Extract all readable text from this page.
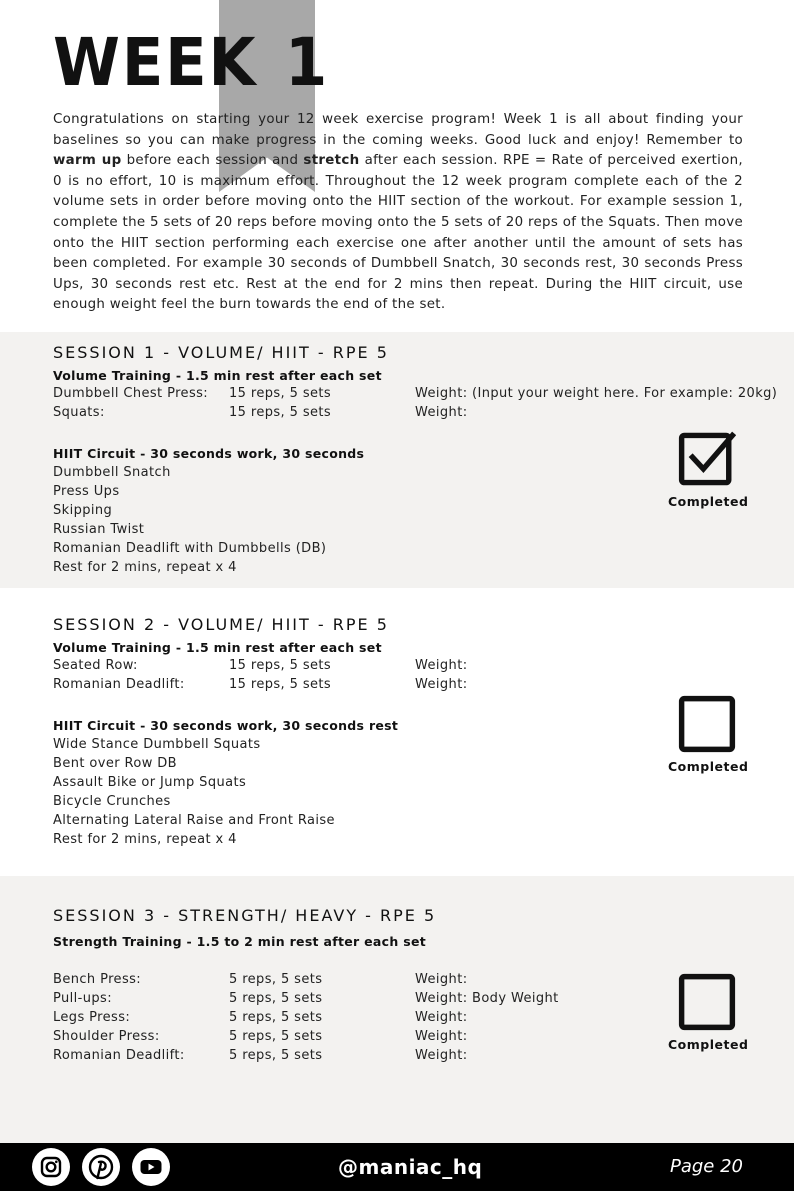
WEEK 1

Congratulations on starting your 12 week exercise program! Week 1 is all about finding your baselines so you can make progress in the coming weeks. Good luck and enjoy! Remember to warm up before each session and stretch after each session. RPE = Rate of perceived exertion, 0 is no effort, 10 is maximum effort. Throughout the 12 week program complete each of the 2 volume sets in order before moving onto the HIIT section of the workout. For example session 1, complete the 5 sets of 20 reps before moving onto the 5 sets of 20 reps of the Squats. Then move onto the HIIT section performing each exercise one after another until the amount of sets has been completed. For example 30 seconds of Dumbbell Snatch, 30 seconds rest, 30 seconds Press Ups, 30 seconds rest etc. Rest at the end for 2 mins then repeat. During the HIIT circuit, use enough weight feel the burn towards the end of the set.

SESSION 1 - VOLUME/ HIIT - RPE 5
Volume Training - 1.5 min rest after each set
Dumbbell Chest Press: 15 reps, 5 sets	Weight: (Input your weight here. For example: 20kg)
Squats:	15 reps, 5 sets	Weight:
HIIT Circuit - 30 seconds work, 30 seconds
Dumbbell Snatch
Press Ups
Skipping
Russian Twist
Romanian Deadlift with Dumbbells (DB)
Rest for 2 mins, repeat x 4
Completed
SESSION 2 - VOLUME/ HIIT - RPE 5
Volume Training - 1.5 min rest after each set
Seated Row:	15 reps, 5 sets	Weight:
Romanian Deadlift:	15 reps, 5 sets	Weight:
HIIT Circuit - 30 seconds work, 30 seconds rest
Wide Stance Dumbbell Squats
Bent over Row DB
Assault Bike or Jump Squats
Bicycle Crunches
Alternating Lateral Raise and Front Raise
Rest for 2 mins, repeat x 4
Completed
SESSION 3 - STRENGTH/ HEAVY - RPE 5
Strength Training - 1.5 to 2 min rest after each set
Bench Press:	5 reps, 5 sets	Weight:
Pull-ups:	5 reps, 5 sets	Weight: Body Weight
Legs Press:	5 reps, 5 sets	Weight:
Shoulder Press:	5 reps, 5 sets	Weight:
Romanian Deadlift:	5 reps, 5 sets	Weight:
Completed
@maniac_hq	Page 20
